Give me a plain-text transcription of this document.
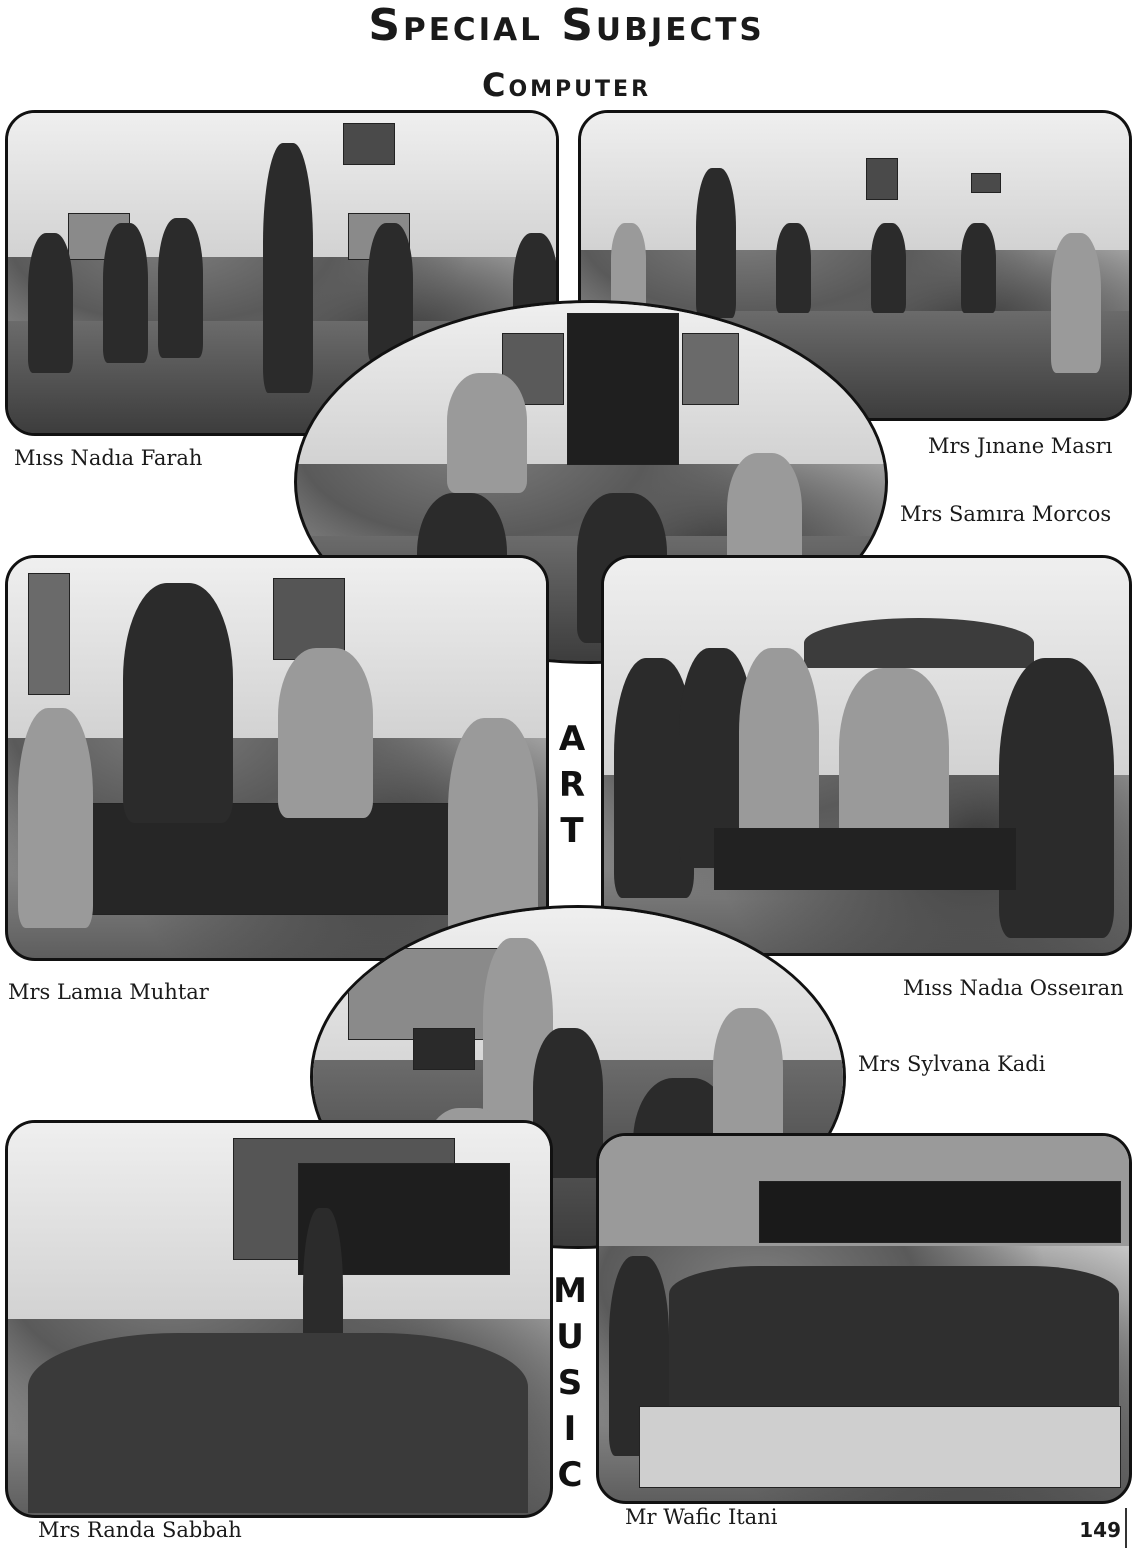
Special Subjects
Computer
Mıss Nadıa Farah	Mrs Jınane Masrı
Mrs Samıra Morcos
A
R
T
Mrs Lamıa Muhtar	Mıss Nadıa Osseıran
Mrs Sylvana Kadi
M
U
S
I
C
Mrs Randa Sabbah
Mr Wafic Itani
149
